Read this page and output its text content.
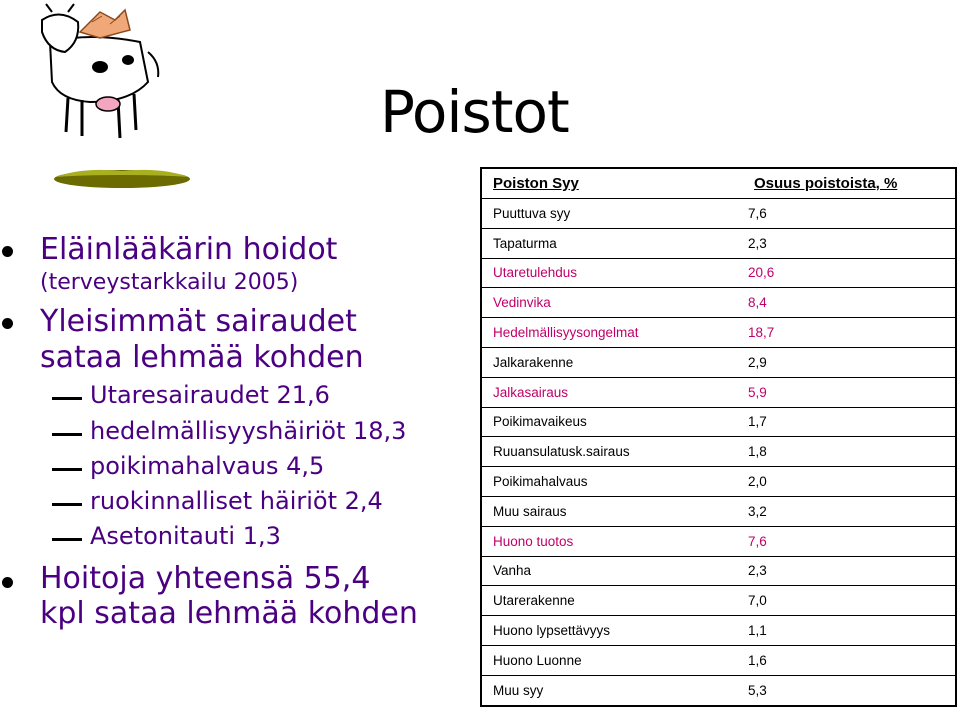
Poistot
Eläinlääkärin hoidot
(terveystarkkailu 2005)
Yleisimmät sairaudet
sataa lehmää kohden
Utaresairaudet 21,6
hedelmällisyyshäiriöt 18,3
poikimahalvaus 4,5
ruokinnalliset häiriöt 2,4
Asetonitauti 1,3
Hoitoja yhteensä 55,4
kpl sataa lehmää kohden
Poiston Syy	Osuus poistoista, %
Puuttuva syy	7,6
Tapaturma	2,3
Utaretulehdus	20,6
Vedinvika	8,4
Hedelmällisyysongelmat	18,7
Jalkarakenne	2,9
Jalkasairaus	5,9
Poikimavaikeus	1,7
Ruuansulatusk.sairaus	1,8
Poikimahalvaus	2,0
Muu sairaus	3,2
Huono tuotos	7,6
Vanha	2,3
Utarerakenne	7,0
Huono lypsettävyys	1,1
Huono Luonne	1,6
Muu syy	5,3
